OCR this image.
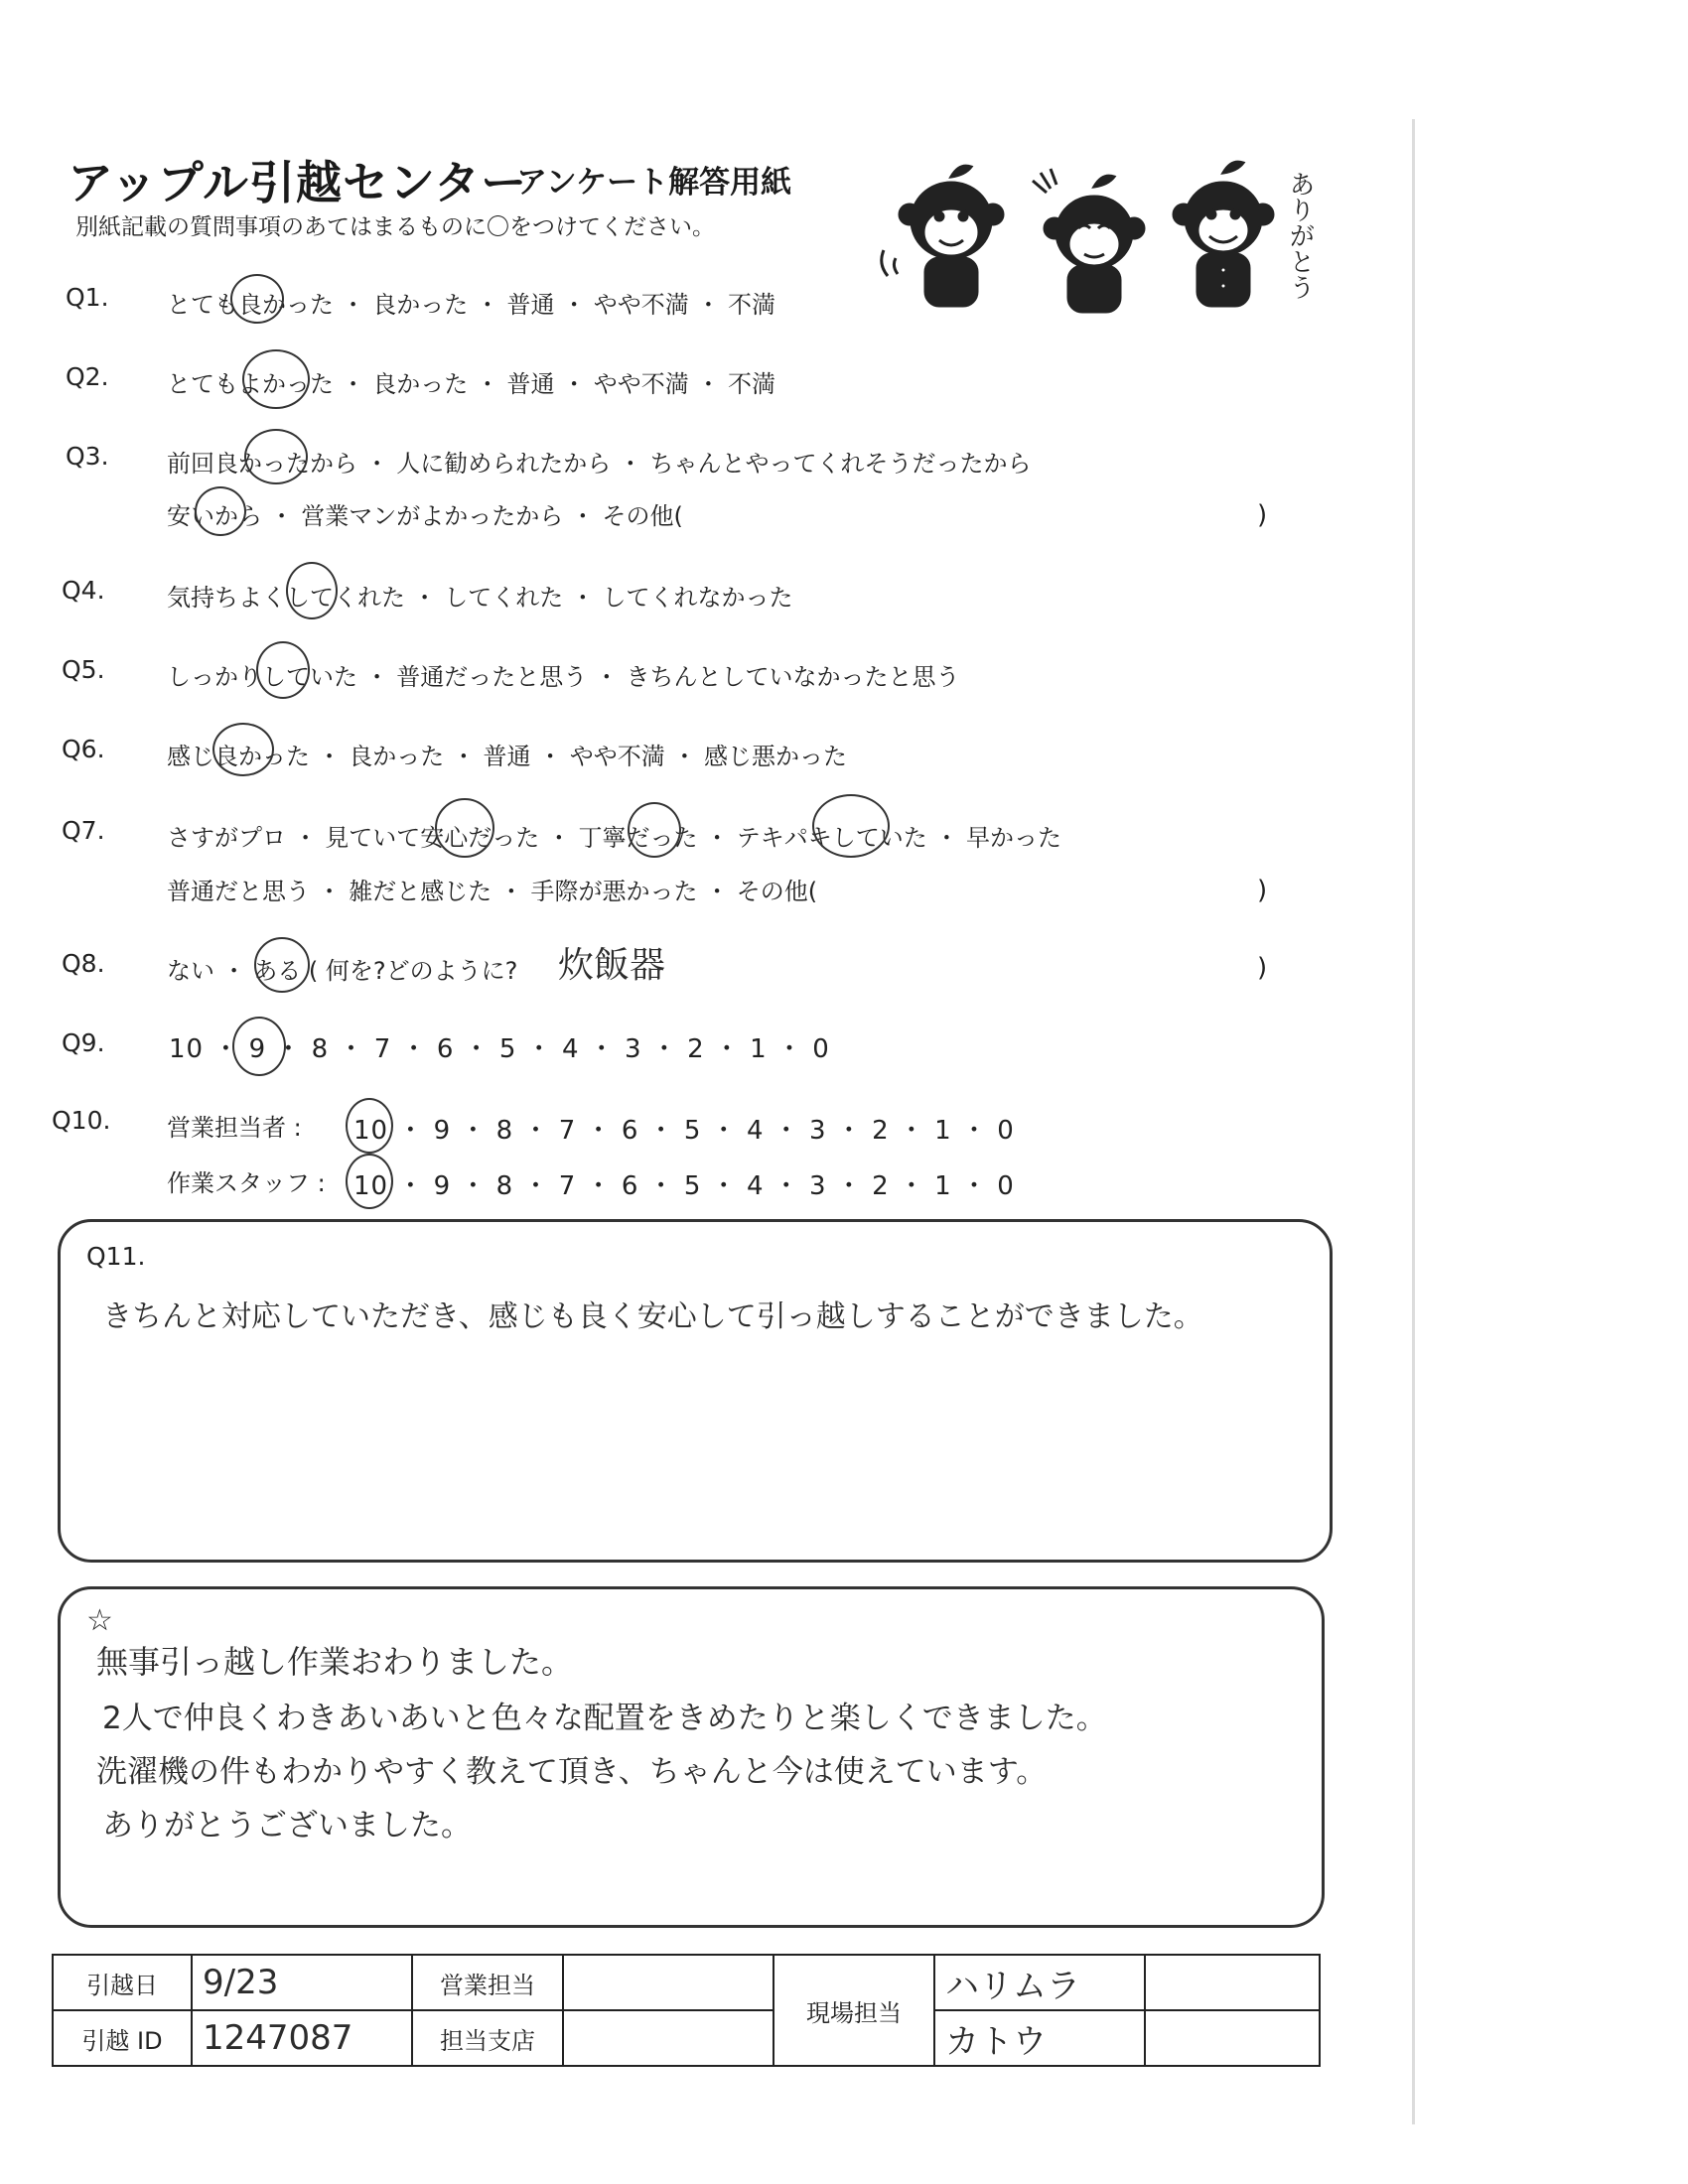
アップル引越センター
アンケート解答用紙
別紙記載の質問事項のあてはまるものに〇をつけてください。	ありがとう
Q1. とても良かった ・ 良かった ・ 普通 ・ やや不満 ・ 不満
Q2. とてもよかった ・ 良かった ・ 普通 ・ やや不満 ・ 不満
Q3. 前回良かったから ・ 人に勧められたから ・ ちゃんとやってくれそうだったから
安いから ・ 営業マンがよかったから ・ その他(	)
Q4.	気持ちよくしてくれた ・ してくれた ・ してくれなかった
Q5.	しっかりしていた ・ 普通だったと思う ・ きちんとしていなかったと思う
Q6.	感じ良かった ・ 良かった ・ 普通 ・ やや不満 ・ 感じ悪かった
Q7.	さすがプロ ・ 見ていて安心だった ・ 丁寧だった ・ テキパキしていた ・ 早かった
普通だと思う ・ 雑だと感じた ・ 手際が悪かった ・ その他(	)
Q8.	ない ・ ある ( 何を?どのように? 炊飯器	)
Q9. 10 ・ 9 ・ 8 ・ 7 ・ 6 ・ 5 ・ 4 ・ 3 ・ 2 ・ 1 ・ 0
Q10. 営業担当者 : 10 ・ 9 ・ 8 ・ 7 ・ 6 ・ 5 ・ 4 ・ 3 ・ 2 ・ 1 ・ 0
作業スタッフ : 10 ・ 9 ・ 8 ・ 7 ・ 6 ・ 5 ・ 4 ・ 3 ・ 2 ・ 1 ・ 0
Q11.
きちんと対応していただき、感じも良く安心して引っ越しすることができました。
☆
無事引っ越し作業おわりました。
2人で仲良くわきあいあいと色々な配置をきめたりと楽しくできました。
洗濯機の件もわかりやすく教えて頂き、ちゃんと今は使えています。
ありがとうございました。
引越日	9/23	営業担当		現場担当	ハリムラ	
引越 ID	1247087	担当支店			カトウ	
